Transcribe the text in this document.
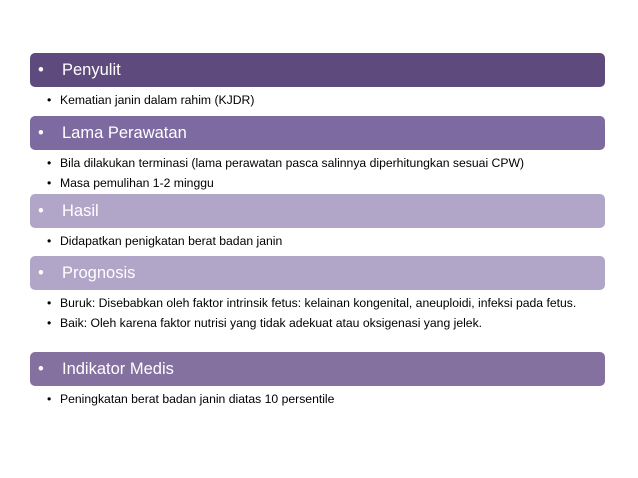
•	Penyulit
• Kematian janin dalam rahim (KJDR)
•	Lama Perawatan
• Bila dilakukan terminasi (lama perawatan pasca salinnya diperhitungkan sesuai CPW)
• Masa pemulihan 1-2 minggu
•	Hasil
• Didapatkan penigkatan berat badan janin
•	Prognosis
• Buruk: Disebabkan oleh faktor intrinsik fetus: kelainan kongenital, aneuploidi, infeksi pada fetus.
• Baik: Oleh karena faktor nutrisi yang tidak adekuat atau oksigenasi yang jelek.
•	Indikator Medis
• Peningkatan berat badan janin diatas 10 persentile
